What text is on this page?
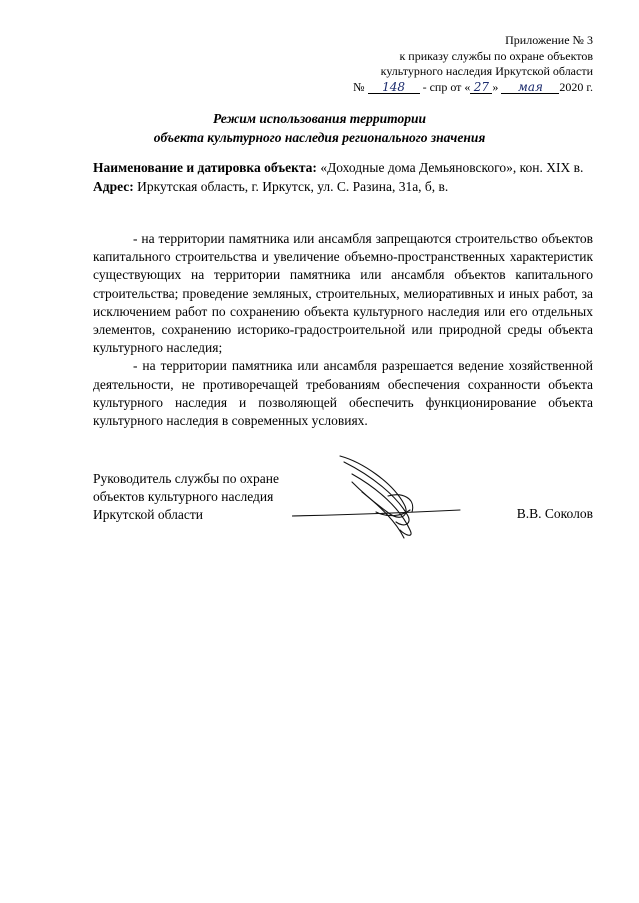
Приложение № 3
к приказу службы по охране объектов
культурного наследия Иркутской области
№ 148 - спр от « 27 » мая 2020 г.
Режим использования территории
объекта культурного наследия регионального значения
Наименование и датировка объекта: «Доходные дома Демьяновского», кон. XIX в.
Адрес: Иркутская область, г. Иркутск, ул. С. Разина, 31а, б, в.

- на территории памятника или ансамбля запрещаются строительство объектов капитального строительства и увеличение объемно-пространственных характеристик существующих на территории памятника или ансамбля объектов капитального строительства; проведение земляных, строительных, мелиоративных и иных работ, за исключением работ по сохранению объекта культурного наследия или его отдельных элементов, сохранению историко-градостроительной или природной среды объекта культурного наследия;

- на территории памятника или ансамбля разрешается ведение хозяйственной деятельности, не противоречащей требованиям обеспечения сохранности объекта культурного наследия и позволяющей обеспечить функционирование объекта культурного наследия в современных условиях.

Руководитель службы по охране
объектов культурного наследия
Иркутской области	В.В. Соколов
